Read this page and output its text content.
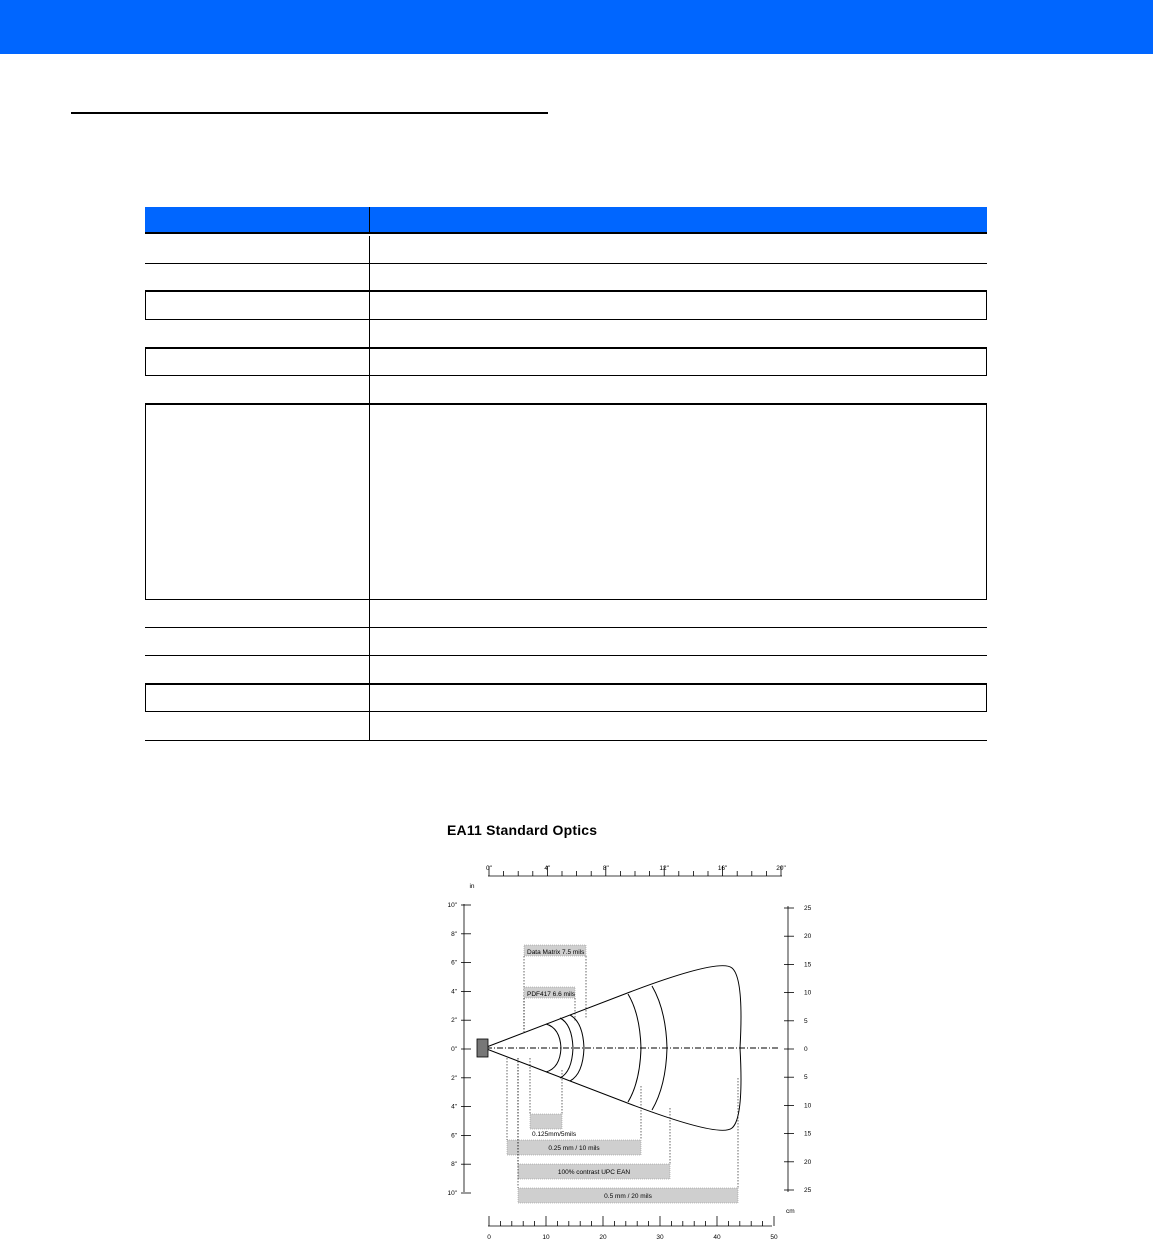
EA11 Standard Optics
0"	4"	8"	12"	16"	20"
in
10"
8"
6"
4"
2"
0"
2"
4"
6"
8"
10"
25
20
15
10
5
0
5
10
15
20
25
cm
0	10	20	30	40	50
Data Matrix 7.5 mils
PDF417 6.6 mils
0.125mm/5mils
0.25 mm / 10 mils
100% contrast UPC EAN
0.5 mm / 20 mils
